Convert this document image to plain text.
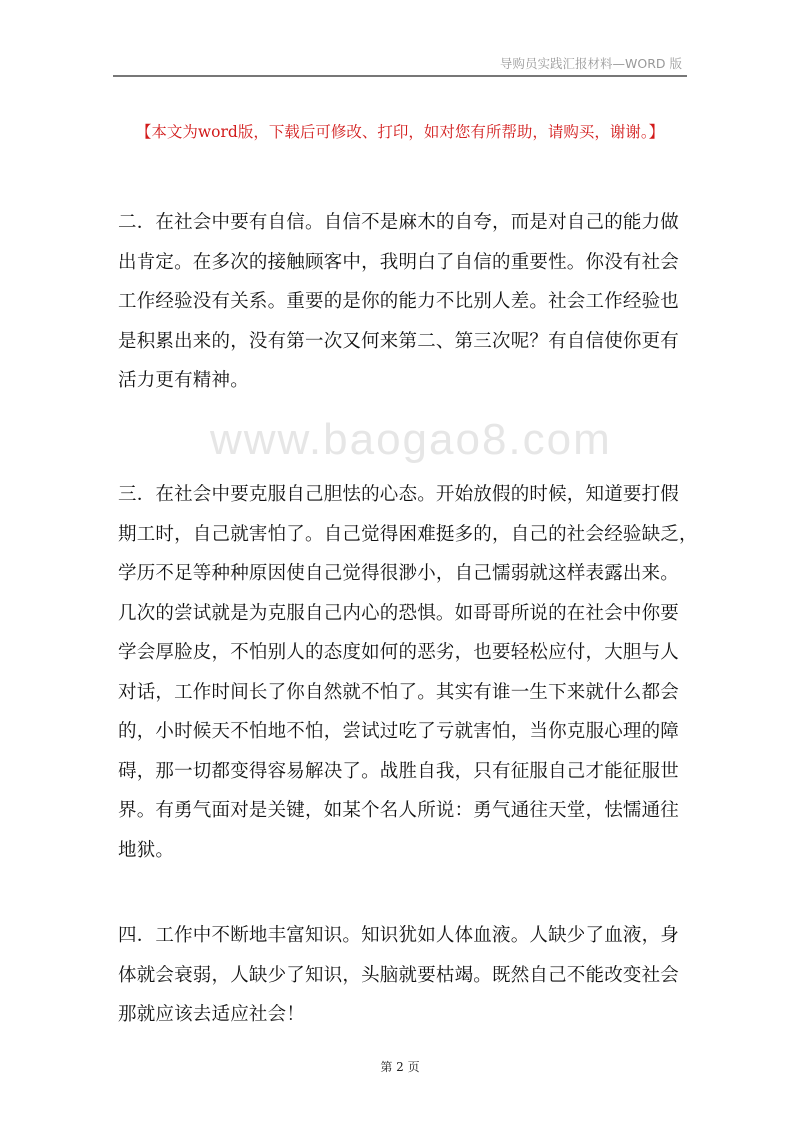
导购员实践汇报材料—WORD 版
【本文为word版，下载后可修改、打印，如对您有所帮助，请购买，谢谢。】
www.baogao8.com
二．在社会中要有自信。自信不是麻木的自夸，而是对自己的能力做
出肯定。在多次的接触顾客中，我明白了自信的重要性。你没有社会
工作经验没有关系。重要的是你的能力不比别人差。社会工作经验也
是积累出来的，没有第一次又何来第二、第三次呢？有自信使你更有
活力更有精神。
三．在社会中要克服自己胆怯的心态。开始放假的时候，知道要打假
期工时，自己就害怕了。自己觉得困难挺多的，自己的社会经验缺乏，
学历不足等种种原因使自己觉得很渺小，自己懦弱就这样表露出来。
几次的尝试就是为克服自己内心的恐惧。如哥哥所说的在社会中你要
学会厚脸皮，不怕别人的态度如何的恶劣，也要轻松应付，大胆与人
对话，工作时间长了你自然就不怕了。其实有谁一生下来就什么都会
的，小时候天不怕地不怕，尝试过吃了亏就害怕，当你克服心理的障
碍，那一切都变得容易解决了。战胜自我，只有征服自己才能征服世
界。有勇气面对是关键，如某个名人所说：勇气通往天堂，怯懦通往
地狱。
四．工作中不断地丰富知识。知识犹如人体血液。人缺少了血液，身
体就会衰弱，人缺少了知识，头脑就要枯竭。既然自己不能改变社会
那就应该去适应社会！
第 2 页
